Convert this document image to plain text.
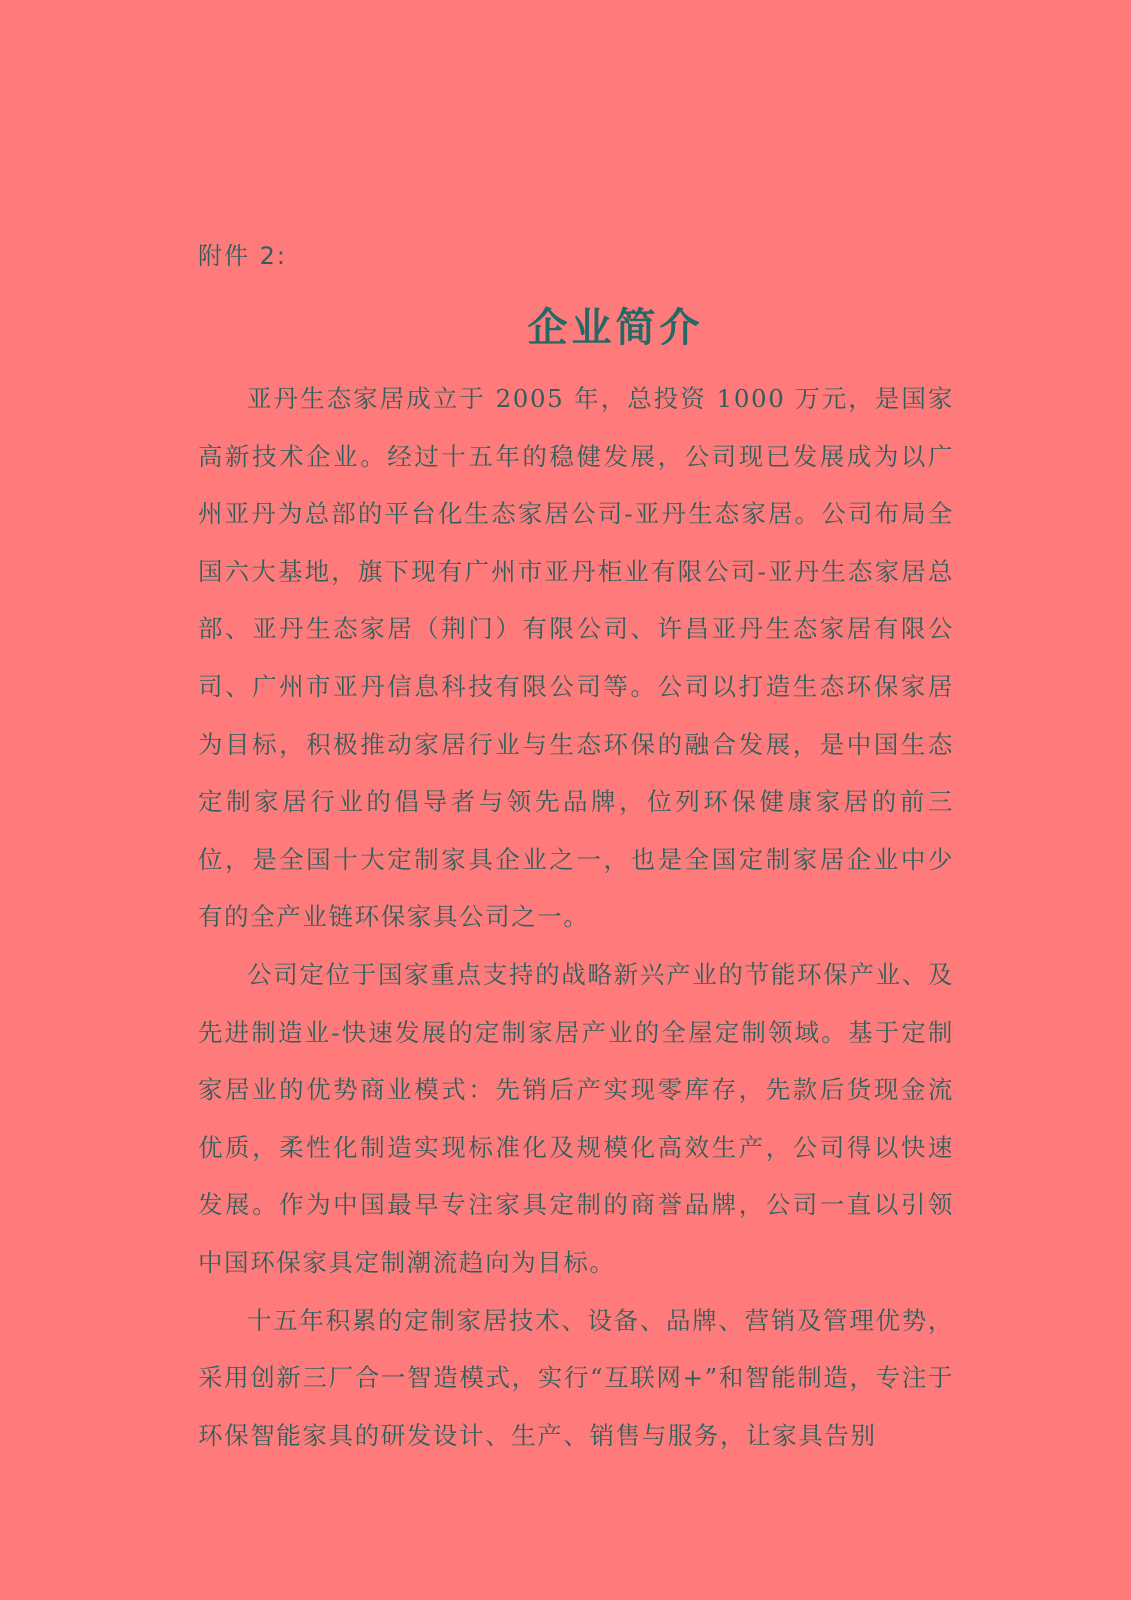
附件 2:
企业简介

亚丹生态家居成立于 2005 年，总投资 1000 万元，是国家高新技术企业。经过十五年的稳健发展，公司现已发展成为以广州亚丹为总部的平台化生态家居公司-亚丹生态家居。公司布局全国六大基地，旗下现有广州市亚丹柜业有限公司-亚丹生态家居总部、亚丹生态家居（荆门）有限公司、许昌亚丹生态家居有限公司、广州市亚丹信息科技有限公司等。公司以打造生态环保家居为目标，积极推动家居行业与生态环保的融合发展，是中国生态定制家居行业的倡导者与领先品牌，位列环保健康家居的前三位，是全国十大定制家具企业之一，也是全国定制家居企业中少有的全产业链环保家具公司之一。

公司定位于国家重点支持的战略新兴产业的节能环保产业、及先进制造业-快速发展的定制家居产业的全屋定制领域。基于定制家居业的优势商业模式：先销后产实现零库存，先款后货现金流优质，柔性化制造实现标准化及规模化高效生产，公司得以快速发展。作为中国最早专注家具定制的商誉品牌，公司一直以引领中国环保家具定制潮流趋向为目标。

十五年积累的定制家居技术、设备、品牌、营销及管理优势，采用创新三厂合一智造模式，实行“互联网+”和智能制造，专注于环保智能家具的研发设计、生产、销售与服务，让家具告别
